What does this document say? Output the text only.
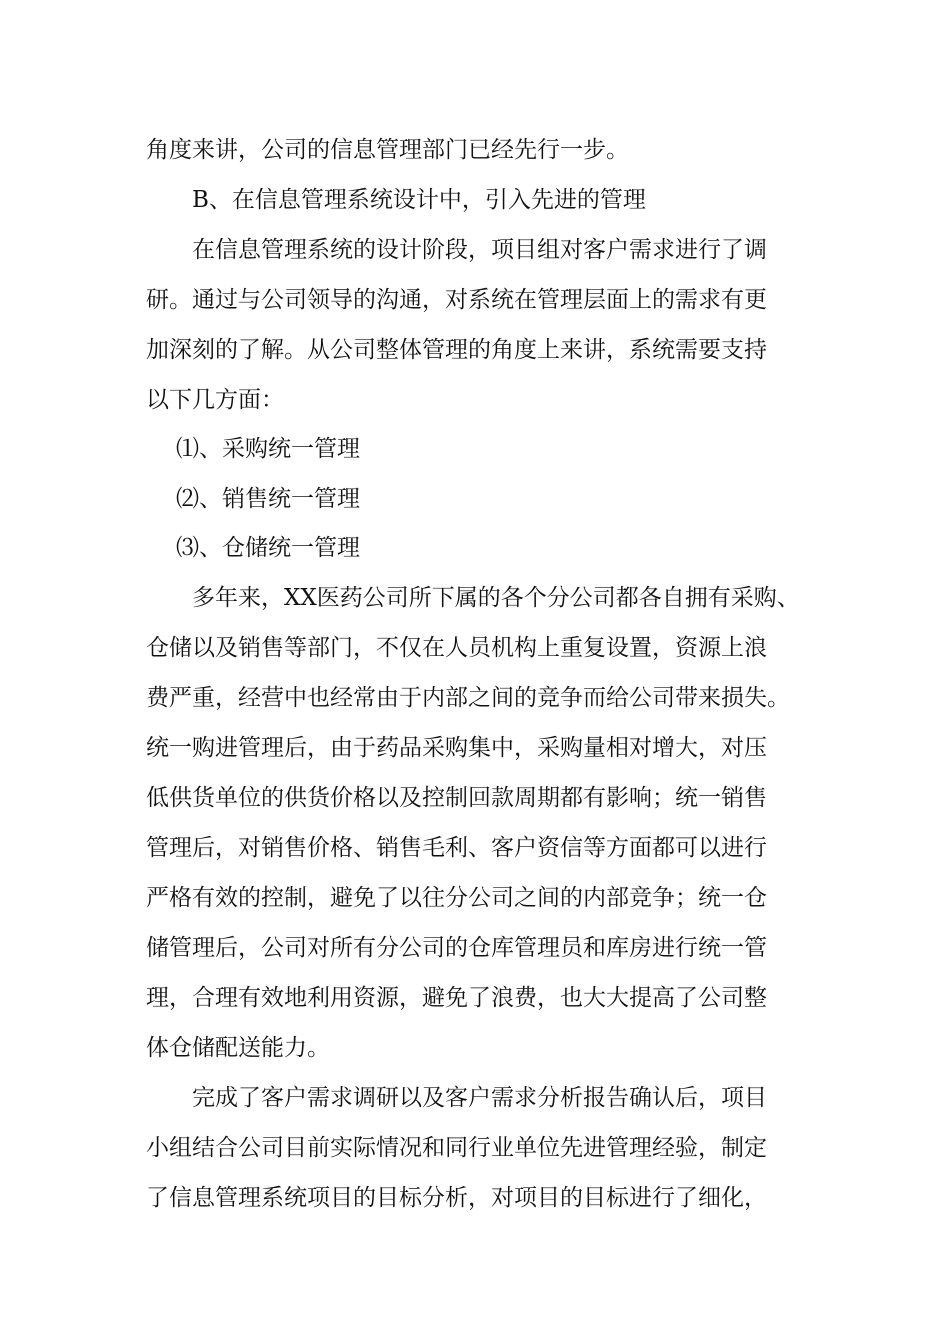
角度来讲，公司的信息管理部门已经先行一步。
B、在信息管理系统设计中，引入先进的管理
在信息管理系统的设计阶段，项目组对客户需求进行了调
研。通过与公司领导的沟通，对系统在管理层面上的需求有更
加深刻的了解。从公司整体管理的角度上来讲，系统需要支持
以下几方面：
⑴、采购统一管理
⑵、销售统一管理
⑶、仓储统一管理
多年来，XX医药公司所下属的各个分公司都各自拥有采购、
仓储以及销售等部门，不仅在人员机构上重复设置，资源上浪
费严重，经营中也经常由于内部之间的竞争而给公司带来损失。
统一购进管理后，由于药品采购集中，采购量相对增大，对压
低供货单位的供货价格以及控制回款周期都有影响；统一销售
管理后，对销售价格、销售毛利、客户资信等方面都可以进行
严格有效的控制，避免了以往分公司之间的内部竞争；统一仓
储管理后，公司对所有分公司的仓库管理员和库房进行统一管
理，合理有效地利用资源，避免了浪费，也大大提高了公司整
体仓储配送能力。
完成了客户需求调研以及客户需求分析报告确认后，项目
小组结合公司目前实际情况和同行业单位先进管理经验，制定
了信息管理系统项目的目标分析，对项目的目标进行了细化，
